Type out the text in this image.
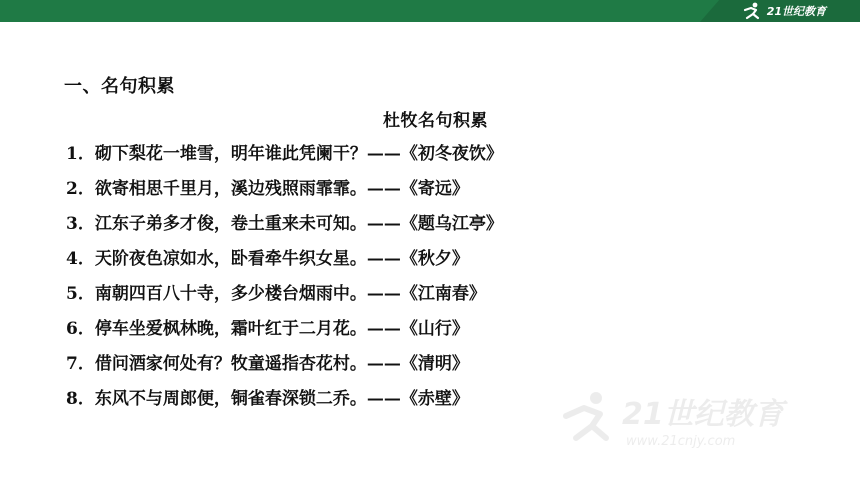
21世纪教育
一、名句积累
杜牧名句积累
1．砌下梨花一堆雪，明年谁此凭阑干？——《初冬夜饮》
2．欲寄相思千里月，溪边残照雨霏霏。——《寄远》
3．江东子弟多才俊，卷土重来未可知。——《题乌江亭》
4．天阶夜色凉如水，卧看牵牛织女星。——《秋夕》
5．南朝四百八十寺，多少楼台烟雨中。——《江南春》
6．停车坐爱枫林晚，霜叶红于二月花。——《山行》
7．借问酒家何处有？牧童遥指杏花村。——《清明》
8．东风不与周郎便，铜雀春深锁二乔。——《赤壁》	21世纪教育
www.21cnjy.com
